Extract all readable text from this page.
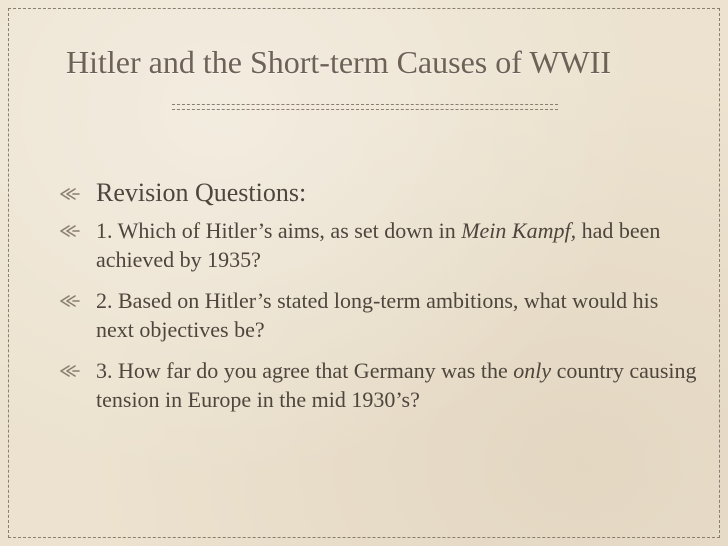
Hitler and the Short-term Causes of WWII
Revision Questions:
1. Which of Hitler’s aims, as set down in Mein Kampf, had been achieved by 1935?
2. Based on Hitler’s stated long-term ambitions, what would his next objectives be?
3. How far do you agree that Germany was the only country causing tension in Europe in the mid 1930’s?
